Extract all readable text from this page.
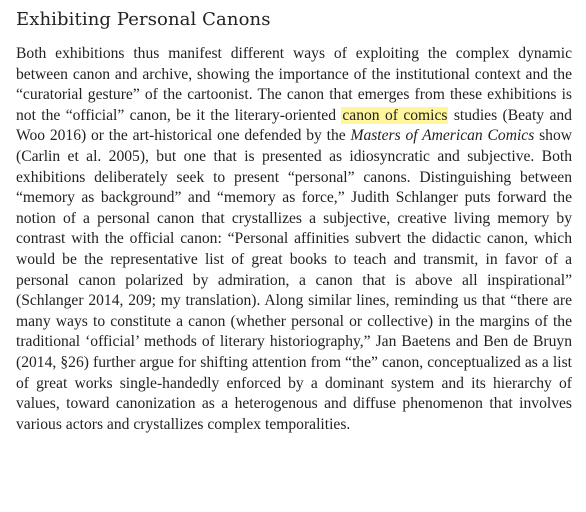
Exhibiting Personal Canons

Both exhibitions thus manifest different ways of exploiting the complex dynamic between canon and archive, showing the importance of the institutional context and the “curatorial gesture” of the cartoonist. The canon that emerges from these exhibitions is not the “official” canon, be it the literary-oriented canon of comics studies (Beaty and Woo 2016) or the art-historical one defended by the Masters of American Comics show (Carlin et al. 2005), but one that is presented as idiosyncratic and subjective. Both exhibitions deliberately seek to present “personal” canons. Distinguishing between “memory as background” and “memory as force,” Judith Schlanger puts forward the notion of a personal canon that crystallizes a subjective, creative living memory by contrast with the official canon: “Personal affinities subvert the didactic canon, which would be the representative list of great books to teach and transmit, in favor of a personal canon polarized by admiration, a canon that is above all inspirational” (Schlanger 2014, 209; my translation). Along similar lines, reminding us that “there are many ways to constitute a canon (whether personal or collective) in the margins of the traditional ‘official’ methods of literary historiography,” Jan Baetens and Ben de Bruyn (2014, §26) further argue for shifting attention from “the” canon, conceptualized as a list of great works single-handedly enforced by a dominant system and its hierarchy of values, toward canonization as a heterogenous and diffuse phenomenon that involves various actors and crystallizes complex temporalities.
